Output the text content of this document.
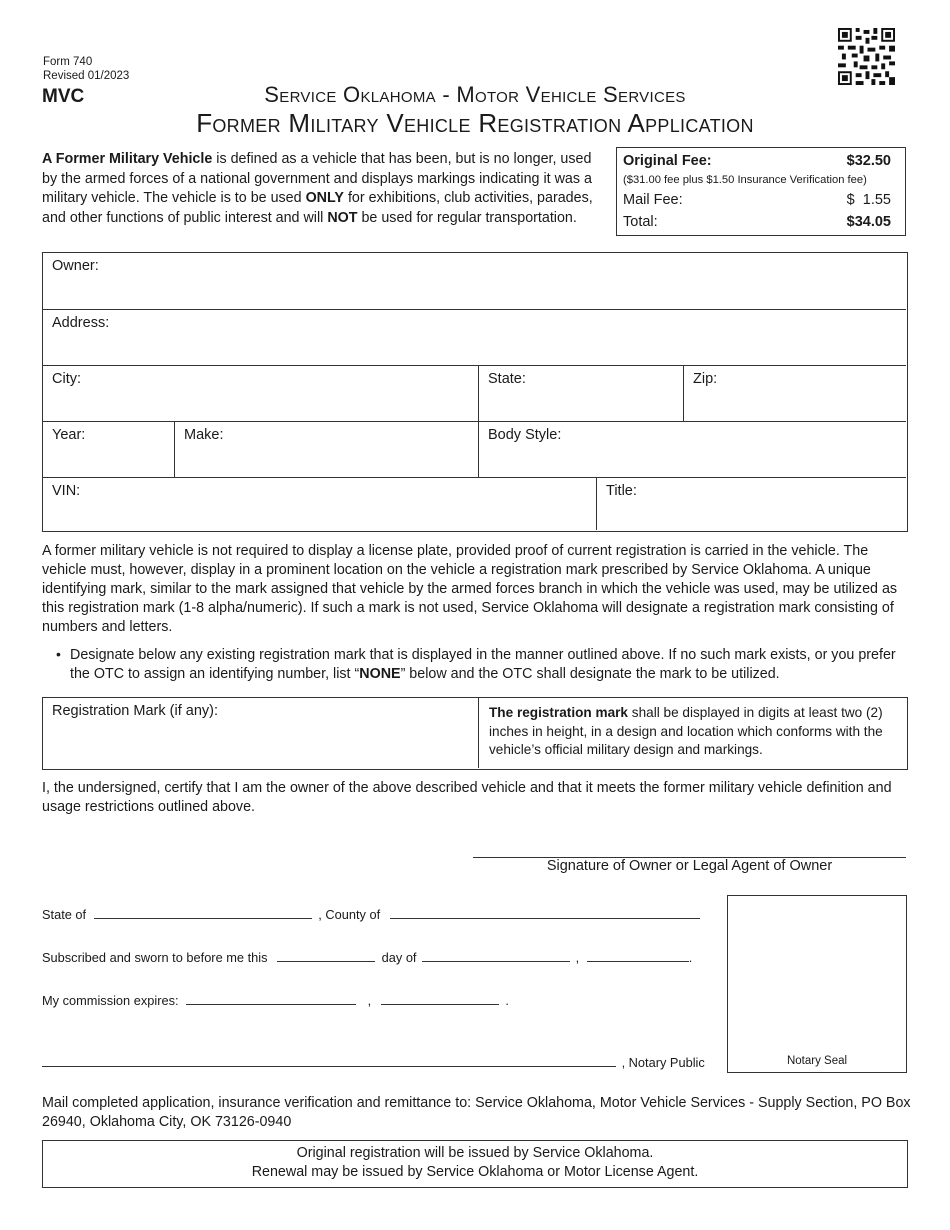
Form 740
Revised 01/2023
MVC	Service Oklahoma - Motor Vehicle Services
Former Military Vehicle Registration Application
A Former Military Vehicle is defined as a vehicle that has been, but is no longer, used by the armed forces of a national government and displays markings indicating it was a military vehicle. The vehicle is to be used ONLY for exhibitions, club activities, parades, and other functions of public interest and will NOT be used for regular transportation.
Original Fee:	$32.50
($31.00 fee plus $1.50 Insurance Verification fee)
Mail Fee:	$  1.55
Total:	$34.05
Owner:
Address:
City:	State:	Zip:
Year:	Make:	Body Style:
VIN:	Title:
A former military vehicle is not required to display a license plate, provided proof of current registration is carried in the vehicle. The vehicle must, however, display in a prominent location on the vehicle a registration mark prescribed by Service Oklahoma. A unique identifying mark, similar to the mark assigned that vehicle by the armed forces branch in which the vehicle was used, may be utilized as this registration mark (1-8 alpha/numeric). If such a mark is not used, Service Oklahoma will designate a registration mark consisting of numbers and letters.
• Designate below any existing registration mark that is displayed in the manner outlined above. If no such mark exists, or you prefer the OTC to assign an identifying number, list “NONE” below and the OTC shall designate the mark to be utilized.
Registration Mark (if any):	The registration mark shall be displayed in digits at least two (2) inches in height, in a design and location which conforms with the vehicle’s official military design and markings.
I, the undersigned, certify that I am the owner of the above described vehicle and that it meets the former military vehicle definition and usage restrictions outlined above.
Signature of Owner or Legal Agent of Owner
State of	, County of
Subscribed and sworn to before me this	day of	,	.
My commission expires:	,	.
, Notary Public	Notary Seal
Mail completed application, insurance verification and remittance to: Service Oklahoma, Motor Vehicle Services - Supply Section, PO Box 26940, Oklahoma City, OK 73126-0940
Original registration will be issued by Service Oklahoma.
Renewal may be issued by Service Oklahoma or Motor License Agent.
